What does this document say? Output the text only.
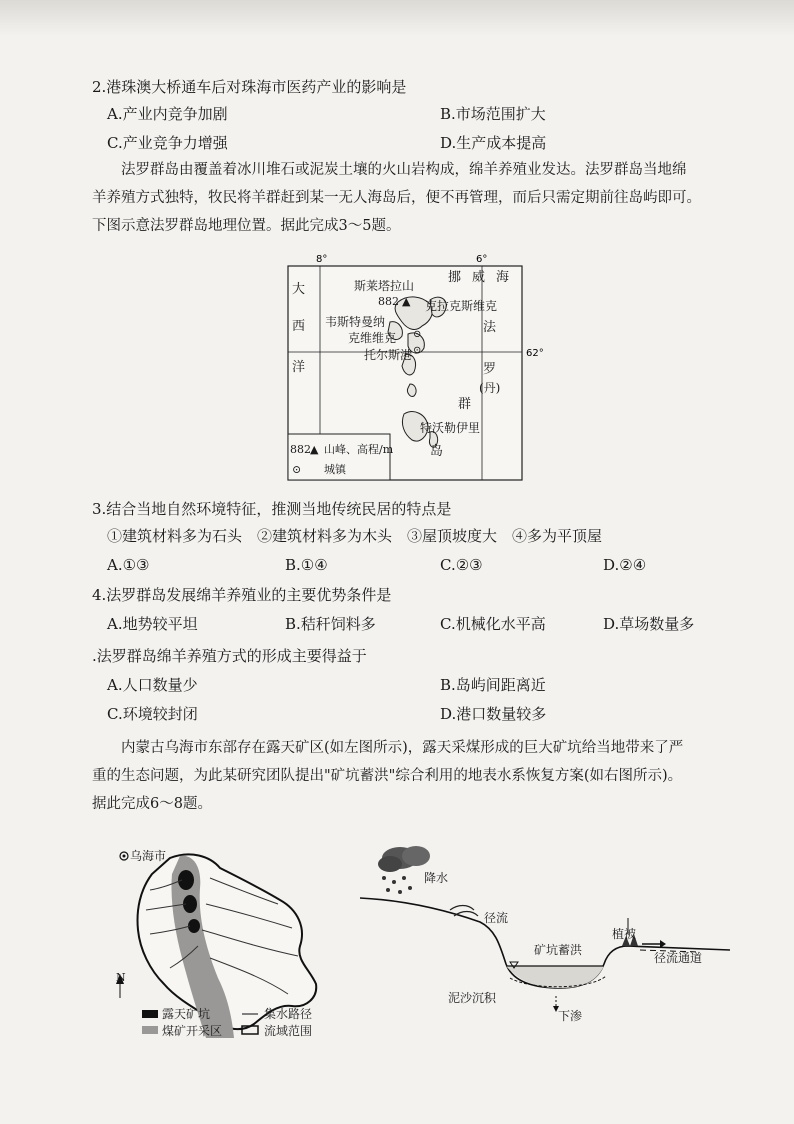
2.港珠澳大桥通车后对珠海市医药产业的影响是
A.产业内竞争加剧	B.市场范围扩大
C.产业竞争力增强	D.生产成本提高
法罗群岛由覆盖着冰川堆石或泥炭土壤的火山岩构成，绵羊养殖业发达。法罗群岛当地绵
羊养殖方式独特，牧民将羊群赶到某一无人海岛后，便不再管理，而后只需定期前往岛屿即可。
下图示意法罗群岛地理位置。据此完成3～5题。
8°	6°
62°
大
西
洋
挪 威 海
法
罗
(丹)
群
岛
斯莱塔拉山
882 ▲ 克拉克斯维克
韦斯特曼纳
克维维克 ⊙
托尔斯港 ⊙
特沃勒伊里
882 ▲ 山峰、高程/m
⊙ 城镇
3.结合当地自然环境特征，推测当地传统民居的特点是
①建筑材料多为石头　②建筑材料多为木头　③屋顶坡度大　④多为平顶屋
A.①③	B.①④	C.②③	D.②④
4.法罗群岛发展绵羊养殖业的主要优势条件是
A.地势较平坦	B.秸秆饲料多	C.机械化水平高	D.草场数量多
.法罗群岛绵羊养殖方式的形成主要得益于
A.人口数量少	B.岛屿间距离近
C.环境较封闭	D.港口数量较多
内蒙古乌海市东部存在露天矿区(如左图所示)，露天采煤形成的巨大矿坑给当地带来了严
重的生态问题，为此某研究团队提出"矿坑蓄洪"综合利用的地表水系恢复方案(如右图所示)。
据此完成6～8题。
乌海市
N
露天矿坑	集水路径
煤矿开采区	流域范围
降水
径流
矿坑蓄洪
植被
径流通道
泥沙沉积
下渗
